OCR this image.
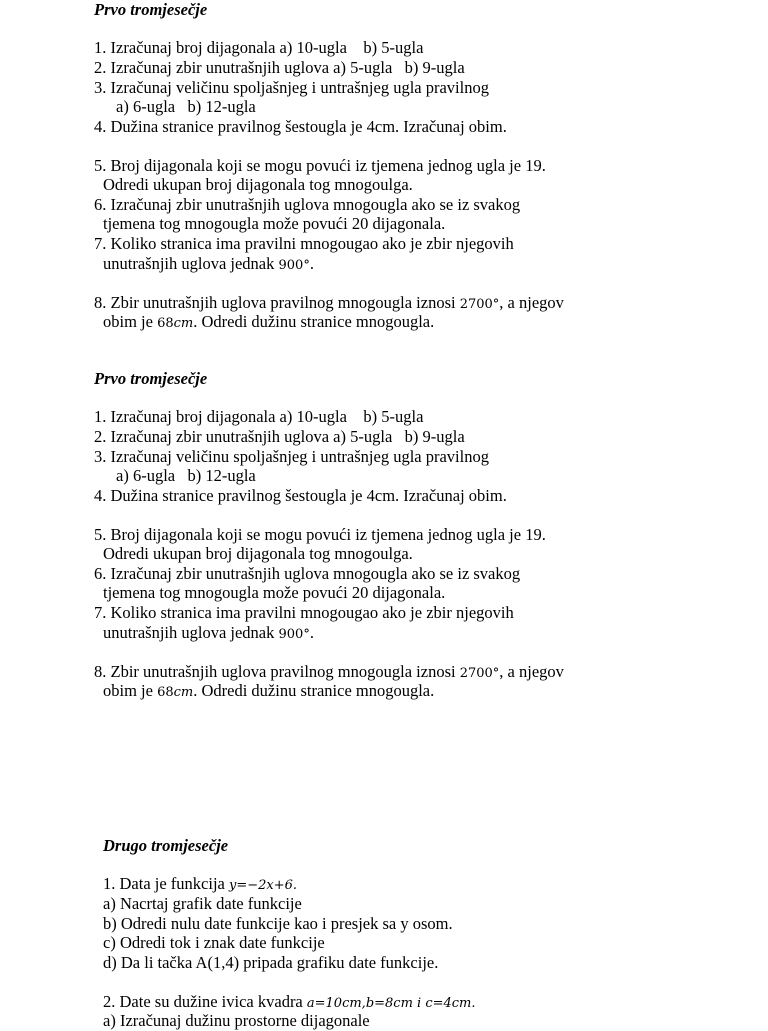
Prvo tromjesečje
1. Izračunaj broj dijagonala a) 10-ugla    b) 5-ugla
2. Izračunaj zbir unutrašnjih uglova a) 5-ugla   b) 9-ugla
3. Izračunaj veličinu spoljašnjeg i untrašnjeg ugla pravilnog
a) 6-ugla   b) 12-ugla
4. Dužina stranice pravilnog šestougla je 4cm. Izračunaj obim.
5. Broj dijagonala koji se mogu povući iz tjemena jednog ugla je 19.
Odredi ukupan broj dijagonala tog mnogoulga.
6. Izračunaj zbir unutrašnjih uglova mnogougla ako se iz svakog
tjemena tog mnogougla može povući 20 dijagonala.
7. Koliko stranica ima pravilni mnogougao ako je zbir njegovih
unutrašnjih uglova jednak 900°.
8. Zbir unutrašnjih uglova pravilnog mnogougla iznosi 2700°, a njegov
obim je 68cm. Odredi dužinu stranice mnogougla.
Prvo tromjesečje
1. Izračunaj broj dijagonala a) 10-ugla    b) 5-ugla
2. Izračunaj zbir unutrašnjih uglova a) 5-ugla   b) 9-ugla
3. Izračunaj veličinu spoljašnjeg i untrašnjeg ugla pravilnog
a) 6-ugla   b) 12-ugla
4. Dužina stranice pravilnog šestougla je 4cm. Izračunaj obim.
5. Broj dijagonala koji se mogu povući iz tjemena jednog ugla je 19.
Odredi ukupan broj dijagonala tog mnogoulga.
6. Izračunaj zbir unutrašnjih uglova mnogougla ako se iz svakog
tjemena tog mnogougla može povući 20 dijagonala.
7. Koliko stranica ima pravilni mnogougao ako je zbir njegovih
unutrašnjih uglova jednak 900°.
8. Zbir unutrašnjih uglova pravilnog mnogougla iznosi 2700°, a njegov
obim je 68cm. Odredi dužinu stranice mnogougla.
Drugo tromjesečje
1. Data je funkcija y=−2x+6.
a) Nacrtaj grafik date funkcije
b) Odredi nulu date funkcije kao i presjek sa y osom.
c) Odredi tok i znak date funkcije
d) Da li tačka A(1,4) pripada grafiku date funkcije.
2. Date su dužine ivica kvadra a=10cm,b=8cm i c=4cm.
a) Izračunaj dužinu prostorne dijagonale
